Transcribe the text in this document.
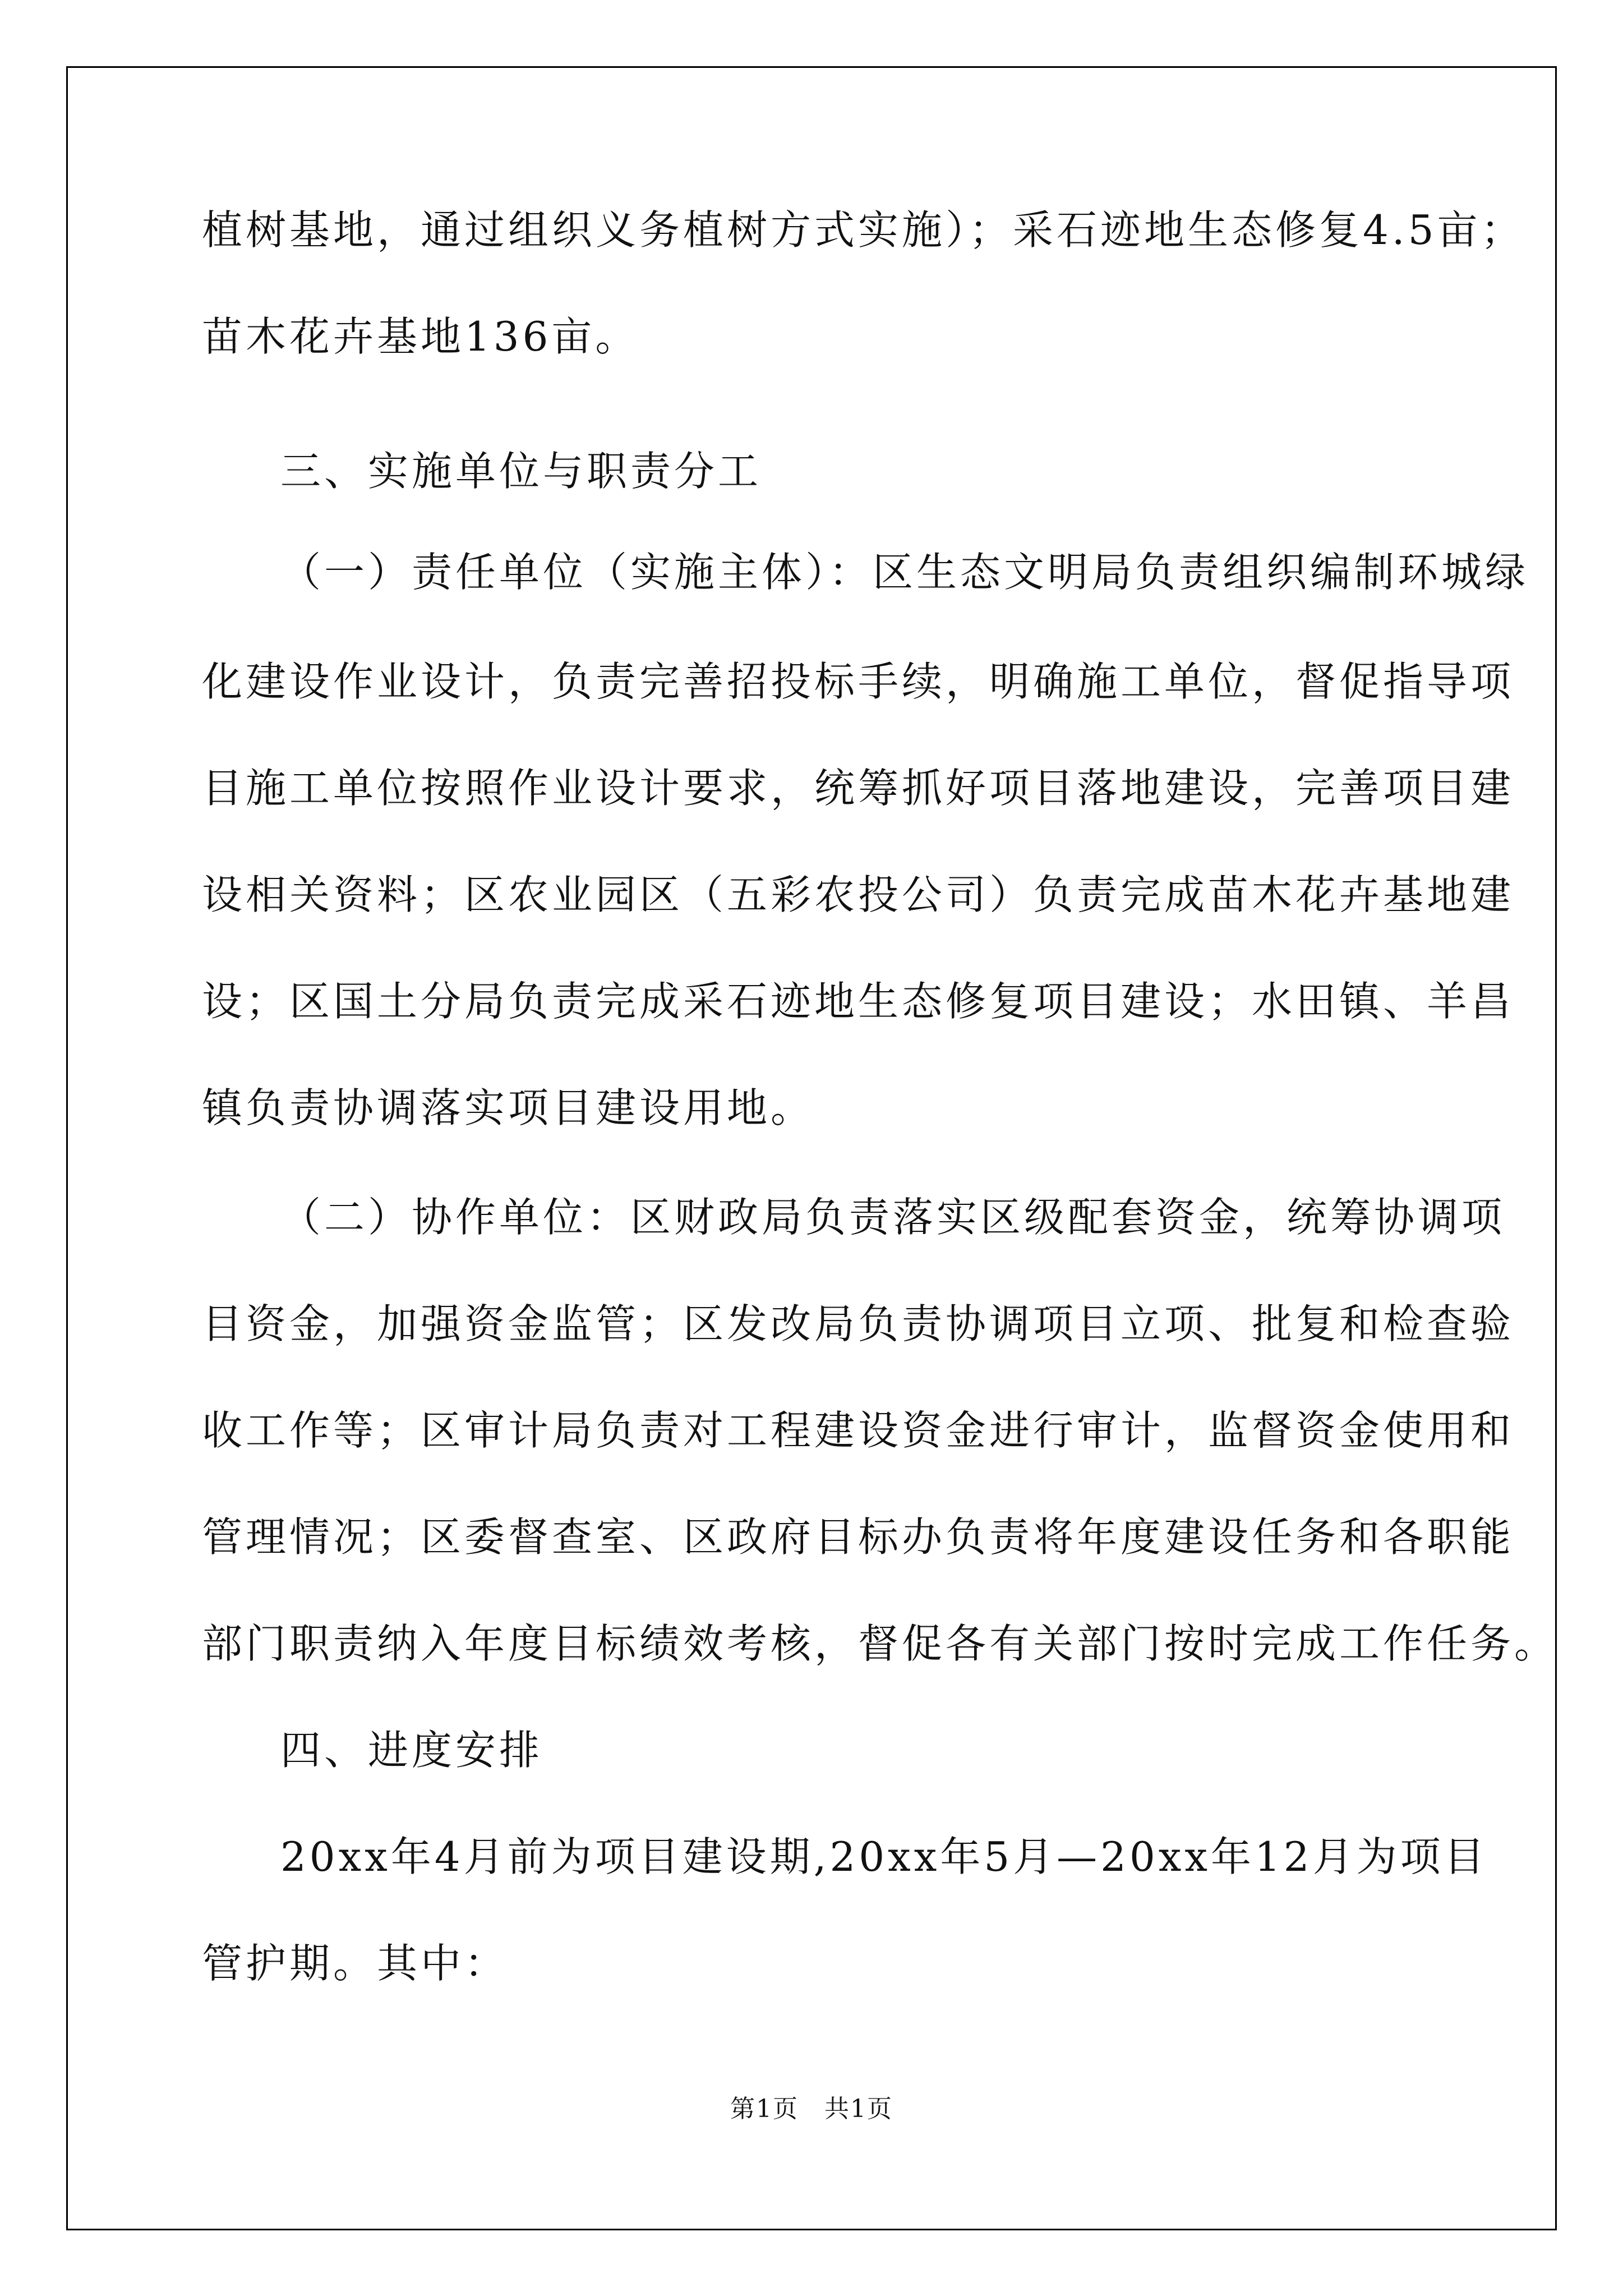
植树基地，通过组织义务植树方式实施）；采石迹地生态修复4.5亩；
苗木花卉基地136亩。
三、实施单位与职责分工
（一）责任单位（实施主体）：区生态文明局负责组织编制环城绿
化建设作业设计，负责完善招投标手续，明确施工单位，督促指导项
目施工单位按照作业设计要求，统筹抓好项目落地建设，完善项目建
设相关资料；区农业园区（五彩农投公司）负责完成苗木花卉基地建
设；区国土分局负责完成采石迹地生态修复项目建设；水田镇、羊昌
镇负责协调落实项目建设用地。
（二）协作单位：区财政局负责落实区级配套资金，统筹协调项
目资金，加强资金监管；区发改局负责协调项目立项、批复和检查验
收工作等；区审计局负责对工程建设资金进行审计，监督资金使用和
管理情况；区委督查室、区政府目标办负责将年度建设任务和各职能
部门职责纳入年度目标绩效考核，督促各有关部门按时完成工作任务。
四、进度安排
20xx年4月前为项目建设期,20xx年5月—20xx年12月为项目
管护期。其中：
第1页　共1页
